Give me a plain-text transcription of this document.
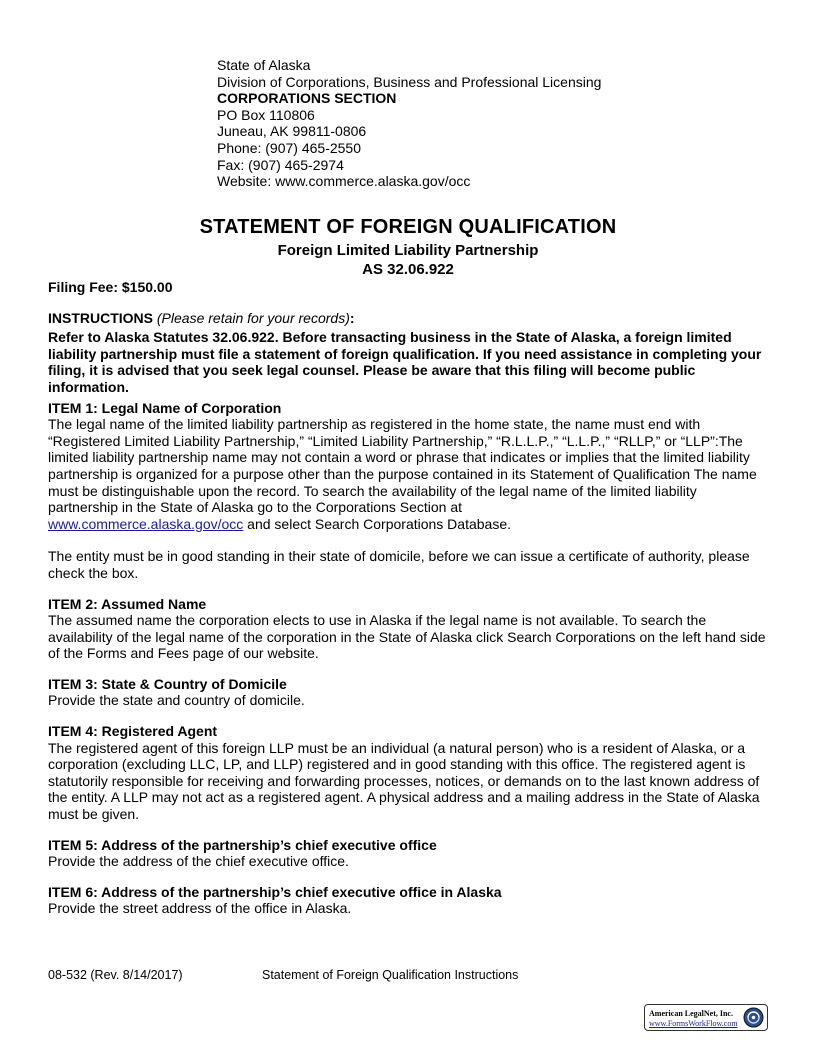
State of Alaska
Division of Corporations, Business and Professional Licensing
CORPORATIONS SECTION
PO Box 110806
Juneau, AK 99811-0806
Phone: (907) 465-2550
Fax: (907) 465-2974
Website: www.commerce.alaska.gov/occ
STATEMENT OF FOREIGN QUALIFICATION
Foreign Limited Liability Partnership
AS 32.06.922

Filing Fee: $150.00

INSTRUCTIONS (Please retain for your records):

Refer to Alaska Statutes 32.06.922. Before transacting business in the State of Alaska, a foreign limited liability partnership must file a statement of foreign qualification. If you need assistance in completing your filing, it is advised that you seek legal counsel. Please be aware that this filing will become public information.

ITEM 1: Legal Name of Corporation

The legal name of the limited liability partnership as registered in the home state, the name must end with “Registered Limited Liability Partnership,” “Limited Liability Partnership,” “R.L.L.P.,” “L.L.P.,” “RLLP,” or “LLP”:The limited liability partnership name may not contain a word or phrase that indicates or implies that the limited liability partnership is organized for a purpose other than the purpose contained in its Statement of Qualification The name must be distinguishable upon the record. To search the availability of the legal name of the limited liability partnership in the State of Alaska go to the Corporations Section at
www.commerce.alaska.gov/occ and select Search Corporations Database.

The entity must be in good standing in their state of domicile, before we can issue a certificate of authority, please check the box.

ITEM 2: Assumed Name

The assumed name the corporation elects to use in Alaska if the legal name is not available. To search the availability of the legal name of the corporation in the State of Alaska click Search Corporations on the left hand side of the Forms and Fees page of our website.

ITEM 3: State & Country of Domicile

Provide the state and country of domicile.

ITEM 4: Registered Agent

The registered agent of this foreign LLP must be an individual (a natural person) who is a resident of Alaska, or a corporation (excluding LLC, LP, and LLP) registered and in good standing with this office. The registered agent is statutorily responsible for receiving and forwarding processes, notices, or demands on to the last known address of the entity. A LLP may not act as a registered agent. A physical address and a mailing address in the State of Alaska must be given.

ITEM 5: Address of the partnership’s chief executive office

Provide the address of the chief executive office.

ITEM 6: Address of the partnership’s chief executive office in Alaska

Provide the street address of the office in Alaska.

08-532 (Rev. 8/14/2017)	Statement of Foreign Qualification Instructions
American LegalNet, Inc.
www.FormsWorkFlow.com
